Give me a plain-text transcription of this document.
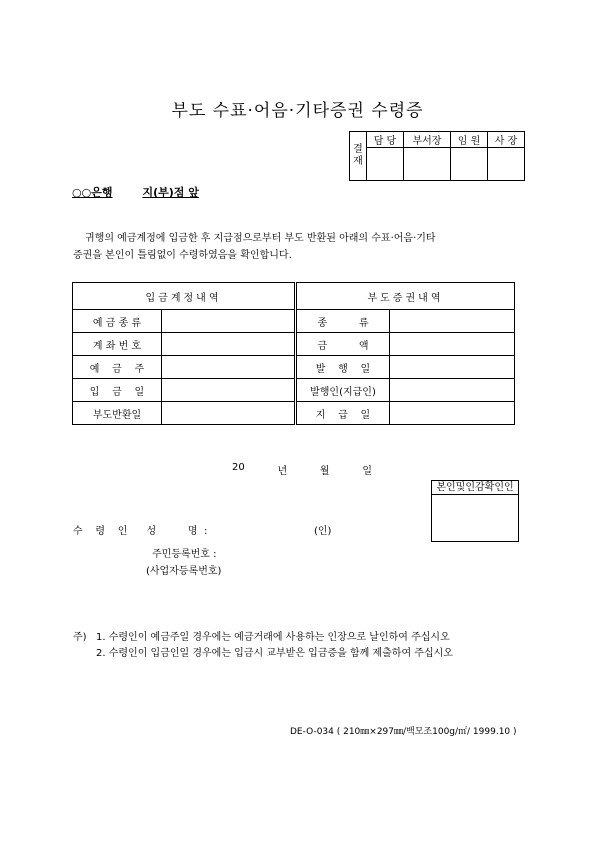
부도 수표·어음·기타증권 수령증
결
재	담 당	부서장	임 원	사 장

○○은행	지(부)점 앞
귀행의 예금계정에 입금한 후 지급점으로부터 부도 반환된 아래의 수표·어음·기타
증권을 본인이 틀림없이 수령하였음을 확인합니다.
입금계정내역		부도증권내역	
예 금 종 류		종          류	
계 좌 번 호		금          액	
예    금    주		발    행    일	
입    금    일		발행인(지급인)	
부도반환일		지    급    일	
20	년	월	일
본인및인감확인인
수    령    인      성          명  :	(인)
주민등록번호 :
(사업자등록번호)
주) 1. 수령인이 예금주일 경우에는 예금거래에 사용하는 인장으로 날인하여 주십시오
2. 수령인이 입금인일 경우에는 입금시 교부받은 입금증을 함께 제출하여 주십시오
DE-O-034 ( 210㎜×297㎜/백모조100g/㎡/ 1999.10 )
